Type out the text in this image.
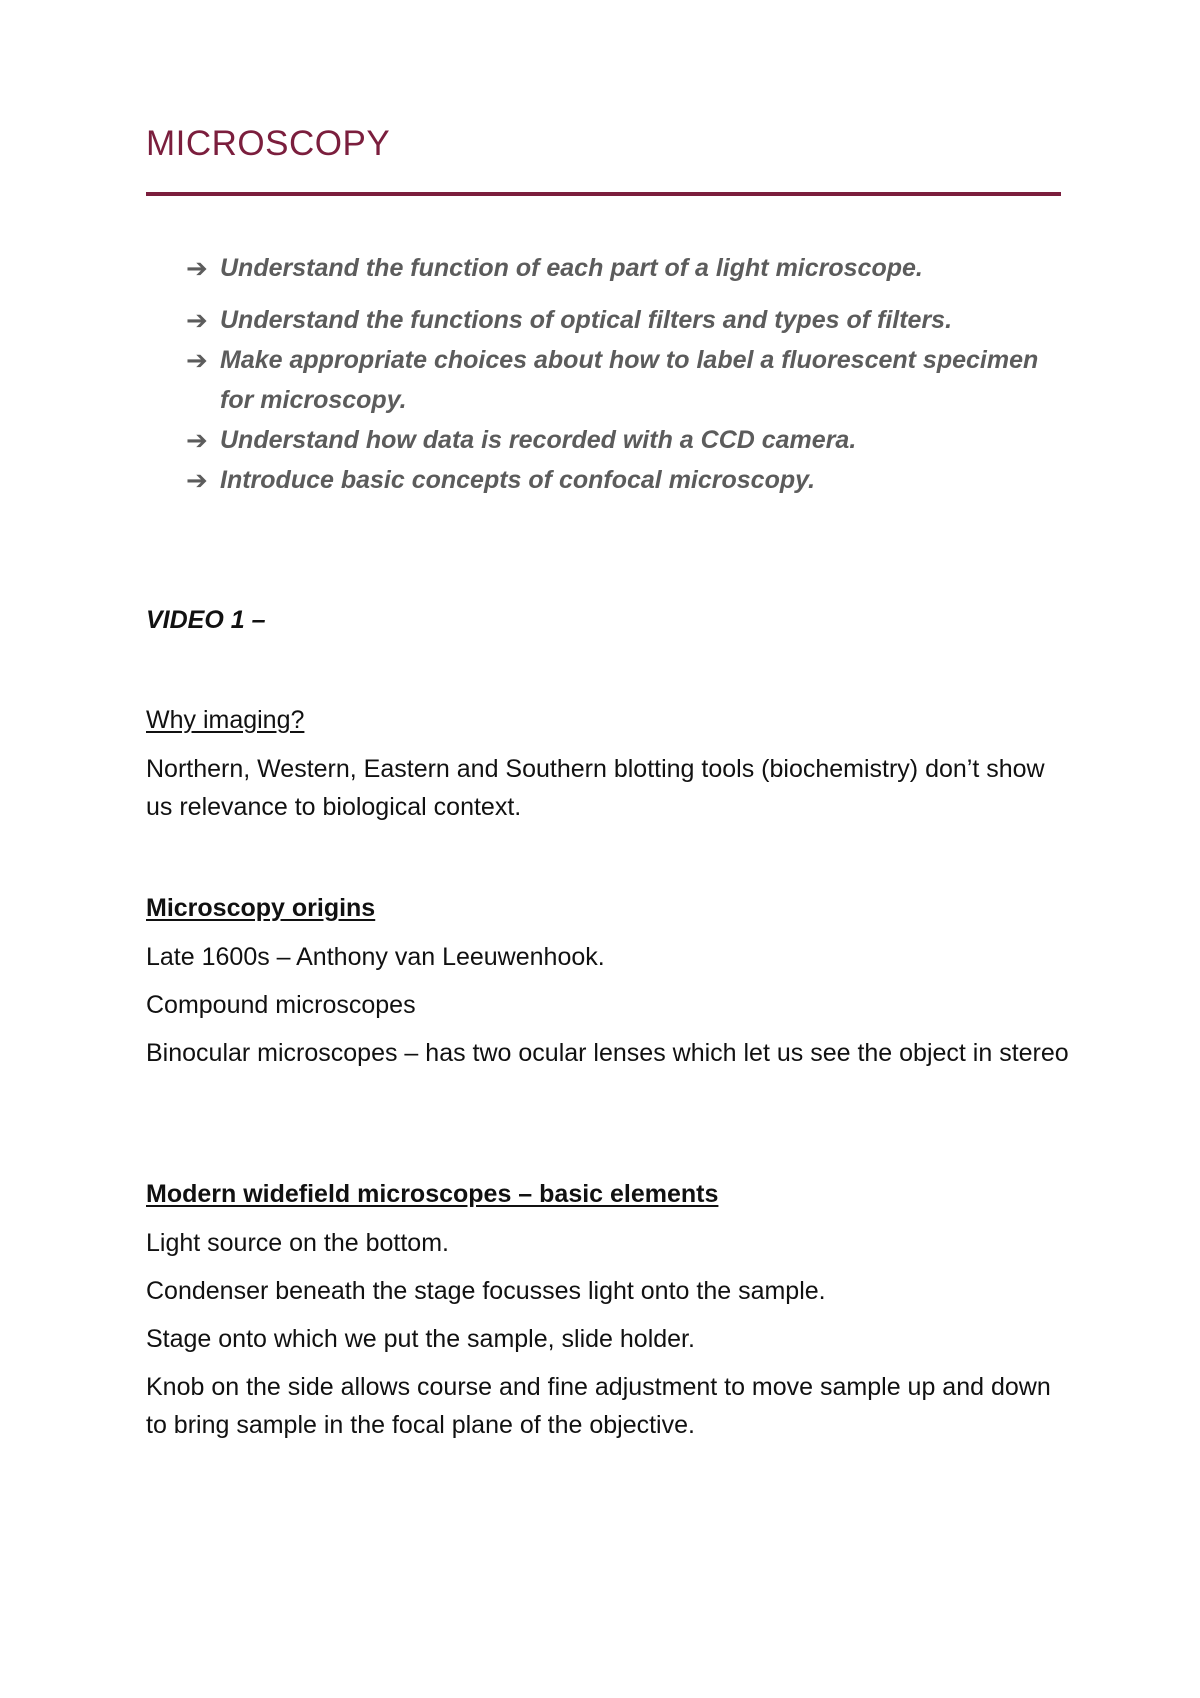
MICROSCOPY
➔ Understand the function of each part of a light microscope.
➔ Understand the functions of optical filters and types of filters.
➔ Make appropriate choices about how to label a fluorescent specimen for microscopy.
➔ Understand how data is recorded with a CCD camera.
➔ Introduce basic concepts of confocal microscopy.
VIDEO 1 –
Why imaging?

Northern, Western, Eastern and Southern blotting tools (biochemistry) don’t show us relevance to biological context.

Microscopy origins

Late 1600s – Anthony van Leeuwenhook.

Compound microscopes

Binocular microscopes – has two ocular lenses which let us see the object in stereo

Modern widefield microscopes – basic elements

Light source on the bottom.

Condenser beneath the stage focusses light onto the sample.

Stage onto which we put the sample, slide holder.

Knob on the side allows course and fine adjustment to move sample up and down to bring sample in the focal plane of the objective.
